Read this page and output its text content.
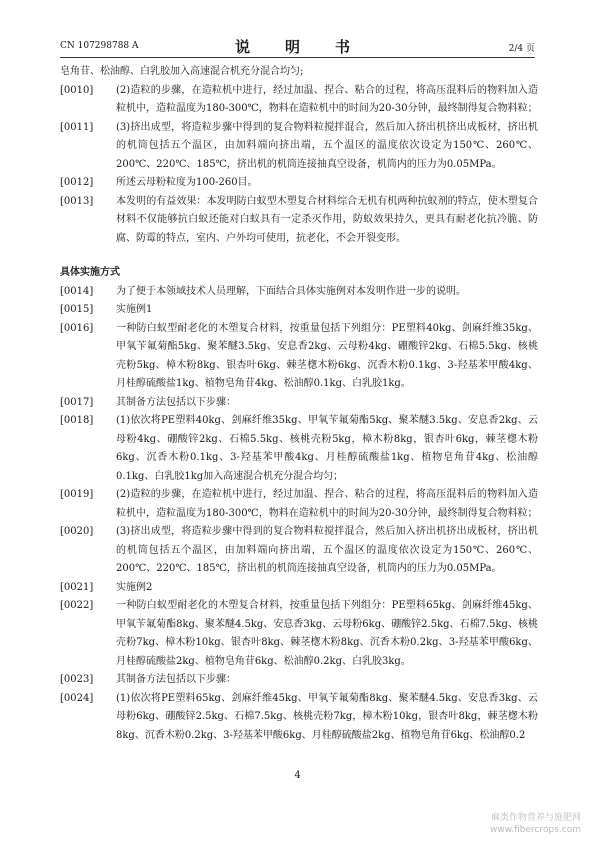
CN 107298788 A	说　明　书	2/4 页
皂角苷、松油醇、白乳胶加入高速混合机充分混合均匀;
[0010] (2)造粒的步骤，在造粒机中进行，经过加温、捏合、粘合的过程，将高压混料后的物料加入造粒机中，造粒温度为180-300℃，物料在造粒机中的时间为20-30分钟，最终制得复合物料粒；
[0011] (3)挤出成型，将造粒步骤中得到的复合物料粒搅拌混合，然后加入挤出机挤出成板材，挤出机的机筒包括五个温区，由加料端向挤出端，五个温区的温度依次设定为150℃、260℃、200℃、220℃、185℃，挤出机的机筒连接抽真空设备，机筒内的压力为0.05MPa。
[0012] 所述云母粉粒度为100-260目。
[0013] 本发明的有益效果：本发明防白蚁型木塑复合材料综合无机有机两种抗蚁剂的特点，使木塑复合材料不仅能够抗白蚁还能对白蚁具有一定杀灭作用，防蚁效果持久，更具有耐老化抗冷脆、防腐、防霉的特点，室内、户外均可使用，抗老化，不会开裂变形。
具体实施方式
[0014] 为了便于本领域技术人员理解，下面结合具体实施例对本发明作进一步的说明。
[0015] 实施例1
[0016] 一种防白蚁型耐老化的木塑复合材料，按重量包括下列组分：PE塑料40kg、剑麻纤维35kg、甲氧苄氟菊酯5kg、聚苯醚3.5kg、安息香2kg、云母粉4kg、硼酸锌2kg、石棉5.5kg、核桃壳粉5kg、樟木粉8kg、银杏叶6kg、棘茎楤木粉6kg、沉香木粉0.1kg、3-羟基苯甲酸4kg、月桂醇硫酸盐1kg、植物皂角苷4kg、松油醇0.1kg、白乳胶1kg。
[0017] 其制备方法包括以下步骤：
[0018] (1)依次将PE塑料40kg、剑麻纤维35kg、甲氧苄氟菊酯5kg、聚苯醚3.5kg、安息香2kg、云母粉4kg、硼酸锌2kg、石棉5.5kg、核桃壳粉5kg，樟木粉8kg，银杏叶6kg，棘茎楤木粉6kg、沉香木粉0.1kg、3-羟基苯甲酸4kg、月桂醇硫酸盐1kg、植物皂角苷4kg、松油醇0.1kg、白乳胶1kg加入高速混合机充分混合均匀；
[0019] (2)造粒的步骤，在造粒机中进行，经过加温、捏合、粘合的过程，将高压混料后的物料加入造粒机中，造粒温度为180-300℃，物料在造粒机中的时间为20-30分钟，最终制得复合物料粒；
[0020] (3)挤出成型，将造粒步骤中得到的复合物料粒搅拌混合，然后加入挤出机挤出成板材，挤出机的机筒包括五个温区，由加料端向挤出端，五个温区的温度依次设定为150℃、260℃、200℃、220℃、185℃，挤出机的机筒连接抽真空设备，机筒内的压力为0.05MPa。
[0021] 实施例2
[0022] 一种防白蚁型耐老化的木塑复合材料，按重量包括下列组分：PE塑料65kg、剑麻纤维45kg、甲氧苄氟菊酯8kg、聚苯醚4.5kg、安息香3kg、云母粉6kg、硼酸锌2.5kg、石棉7.5kg、核桃壳粉7kg、樟木粉10kg、银杏叶8kg、棘茎楤木粉8kg、沉香木粉0.2kg、3-羟基苯甲酸6kg、月桂醇硫酸盐2kg、植物皂角苷6kg、松油醇0.2kg、白乳胶3kg。
[0023] 其制备方法包括以下步骤：
[0024] (1)依次将PE塑料65kg、剑麻纤维45kg、甲氧苄氟菊酯8kg、聚苯醚4.5kg、安息香3kg、云母粉6kg、硼酸锌2.5kg、石棉7.5kg、核桃壳粉7kg，樟木粉10kg，银杏叶8kg，棘茎楤木粉8kg、沉香木粉0.2kg、3-羟基苯甲酸6kg、月桂醇硫酸盐2kg、植物皂角苷6kg、松油醇0.2
4
麻类作物营养与施肥网
www.fibercrops.com
